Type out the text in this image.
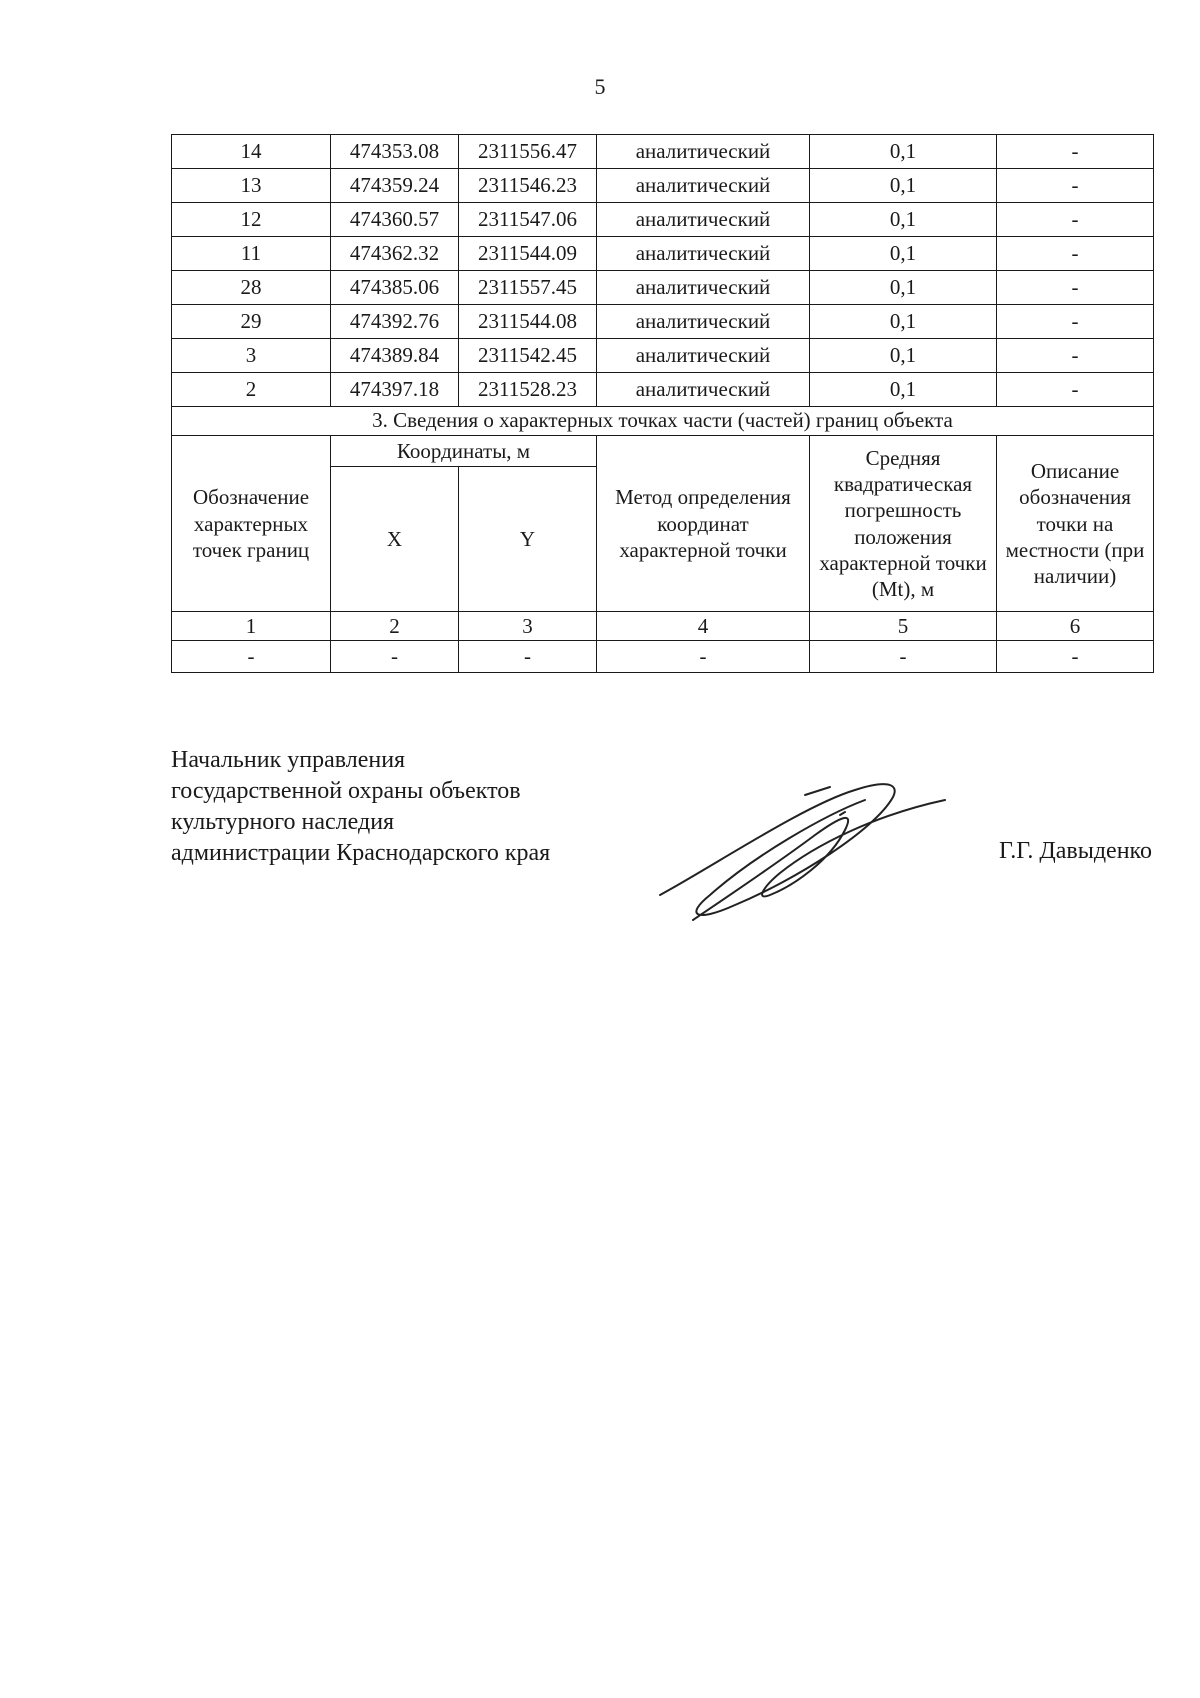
5
14	474353.08	2311556.47	аналитический	0,1	-
13	474359.24	2311546.23	аналитический	0,1	-
12	474360.57	2311547.06	аналитический	0,1	-
11	474362.32	2311544.09	аналитический	0,1	-
28	474385.06	2311557.45	аналитический	0,1	-
29	474392.76	2311544.08	аналитический	0,1	-
3	474389.84	2311542.45	аналитический	0,1	-
2	474397.18	2311528.23	аналитический	0,1	-
3. Сведения о характерных точках части (частей) границ объекта					
Обозначение характерных точек границ	Координаты, м		Метод определения координат характерной точки	Средняя квадратическая погрешность положения характерной точки (Mt), м	Описание обозначения точки на местности (при наличии)
	X	Y			
1	2	3	4	5	6
-	-	-	-	-	-
Начальник управления
государственной охраны объектов
культурного наследия
администрации Краснодарского края	Г.Г. Давыденко
